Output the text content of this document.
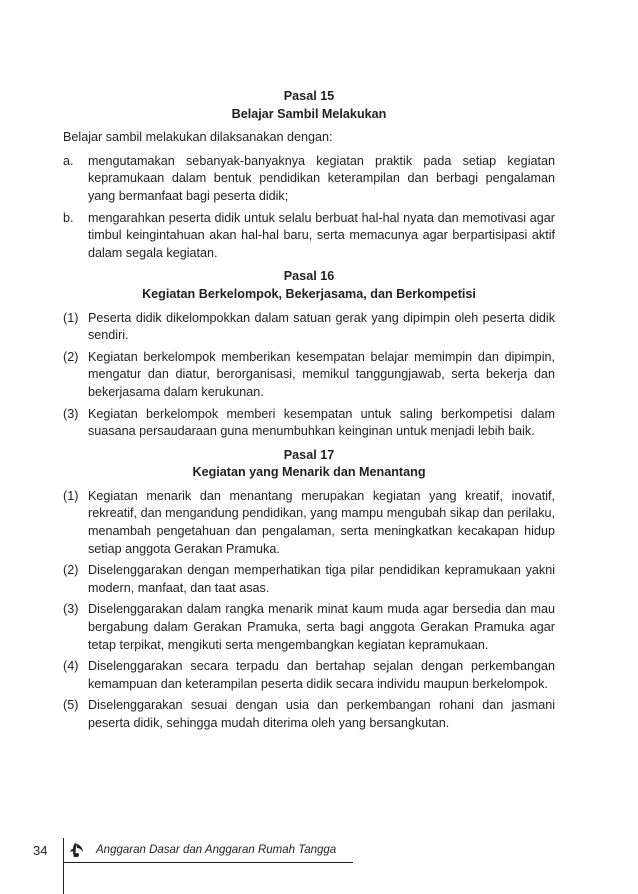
Pasal 15
Belajar Sambil Melakukan
Belajar sambil melakukan dilaksanakan dengan:
a.	mengutamakan sebanyak-banyaknya kegiatan praktik pada setiap kegiatan kepramukaan dalam bentuk pendidikan keterampilan dan berbagi pengalaman yang bermanfaat bagi peserta didik;
b.	mengarahkan peserta didik untuk selalu berbuat hal-hal nyata dan memotivasi agar timbul keingintahuan akan hal-hal baru, serta memacunya agar berpartisipasi aktif dalam segala kegiatan.
Pasal 16
Kegiatan Berkelompok, Bekerjasama, dan Berkompetisi
(1) Peserta didik dikelompokkan dalam satuan gerak yang dipimpin oleh peserta didik sendiri.
(2) Kegiatan berkelompok memberikan kesempatan belajar memimpin dan dipimpin, mengatur dan diatur, berorganisasi, memikul tanggungjawab, serta bekerja dan bekerjasama dalam kerukunan.
(3) Kegiatan berkelompok memberi kesempatan untuk saling berkompetisi dalam suasana persaudaraan guna menumbuhkan keinginan untuk menjadi lebih baik.
Pasal 17
Kegiatan yang Menarik dan Menantang
(1) Kegiatan menarik dan menantang merupakan kegiatan yang kreatif, inovatif, rekreatif, dan mengandung pendidikan, yang mampu mengubah sikap dan perilaku, menambah pengetahuan dan pengalaman, serta meningkatkan kecakapan hidup setiap anggota Gerakan Pramuka.
(2) Diselenggarakan dengan memperhatikan tiga pilar pendidikan kepramukaan yakni modern, manfaat, dan taat asas.
(3) Diselenggarakan dalam rangka menarik minat kaum muda agar bersedia dan mau bergabung dalam Gerakan Pramuka, serta bagi anggota Gerakan Pramuka agar tetap terpikat, mengikuti serta mengembangkan kegiatan kepramukaan.
(4) Diselenggarakan secara terpadu dan bertahap sejalan dengan perkembangan kemampuan dan keterampilan peserta didik secara individu maupun berkelompok.
(5) Diselenggarakan sesuai dengan usia dan perkembangan rohani dan jasmani peserta didik, sehingga mudah diterima oleh yang bersangkutan.
34	Anggaran Dasar dan Anggaran Rumah Tangga
